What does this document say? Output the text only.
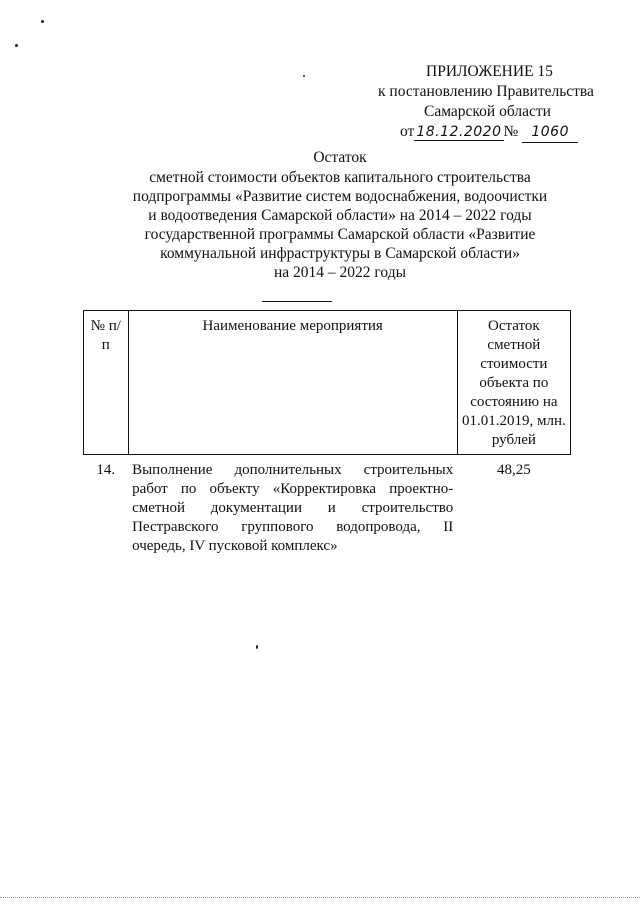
ПРИЛОЖЕНИЕ 15
к постановлению Правительства
Самарской области
от 18.12.2020 № 1060
Остаток
сметной стоимости объектов капитального строительства
подпрограммы «Развитие систем водоснабжения, водоочистки
и водоотведения Самарской области» на 2014 – 2022 годы
государственной программы Самарской области «Развитие
коммунальной инфраструктуры в Самарской области»
на 2014 – 2022 годы
№ п/п	Наименование мероприятия	Остаток сметной стоимости объекта по состоянию на 01.01.2019, млн. рублей
14.	Выполнение дополнительных строительных работ по объекту «Корректировка проектно-сметной документации и строительство Пестравского группового водопровода, II очередь, IV пусковой комплекс»	48,25
